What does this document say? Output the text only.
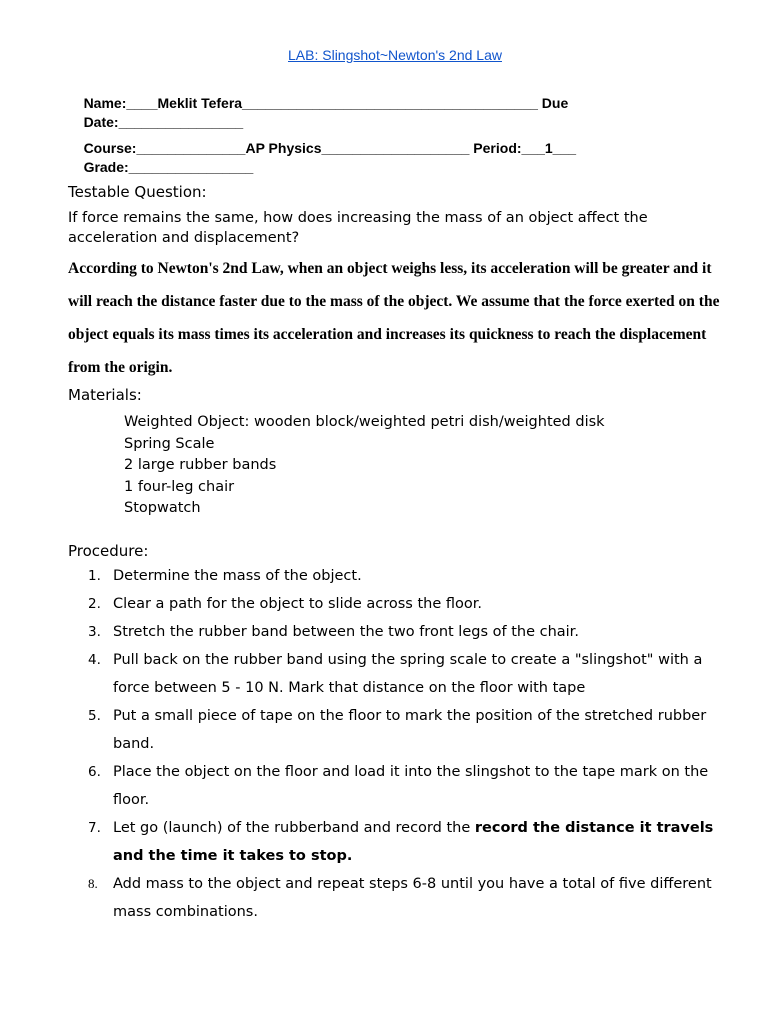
LAB: Slingshot~Newton's 2nd Law

Name:____Meklit Tefera______________________________________ Due

Date:________________

Course:______________AP Physics___________________ Period:___1___

Grade:________________

Testable Question:
If force remains the same, how does increasing the mass of an object affect the acceleration and displacement?

According to Newton's 2nd Law, when an object weighs less, its acceleration will be greater and it will reach the distance faster due to the mass of the object. We assume that the force exerted on the object equals its mass times its acceleration and increases its quickness to reach the displacement from the origin.

Materials:
Weighted Object: wooden block/weighted petri dish/weighted disk
Spring Scale
2 large rubber bands
1 four-leg chair
Stopwatch
Procedure:
1. Determine the mass of the object.
2. Clear a path for the object to slide across the floor.
3. Stretch the rubber band between the two front legs of the chair.
4. Pull back on the rubber band using the spring scale to create a "slingshot" with a force between 5 - 10 N. Mark that distance on the floor with tape
5. Put a small piece of tape on the floor to mark the position of the stretched rubber band.
6. Place the object on the floor and load it into the slingshot to the tape mark on the floor.
7. Let go (launch) of the rubberband and record the record the distance it travels and the time it takes to stop.
8.	Add mass to the object and repeat steps 6-8 until you have a total of five different mass combinations.
